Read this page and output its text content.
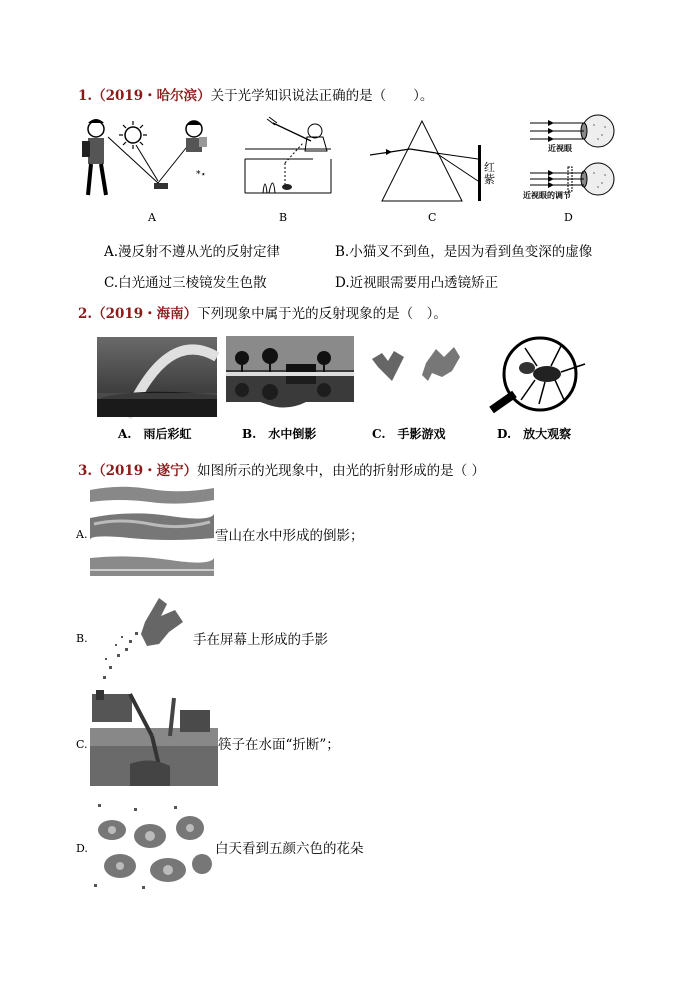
1.（2019・哈尔滨）关于光学知识说法正确的是（　　）。
*⋆
A	B
红
紫
C
近视眼
近视眼的调节
D
A.漫反射不遵从光的反射定律	B.小猫叉不到鱼，是因为看到鱼变深的虚像
C.白光通过三棱镜发生色散	D.近视眼需要用凸透镜矫正
2.（2019・海南）下列现象中属于光的反射现象的是（　）。
A.　雨后彩虹	B.　水中倒影	C.　手影游戏	D.　放大观察
3.（2019・遂宁）如图所示的光现象中，由光的折射形成的是（ ）
A.	雪山在水中形成的倒影；
B.	手在屏幕上形成的手影
C.	筷子在水面“折断”；
D.	白天看到五颜六色的花朵
